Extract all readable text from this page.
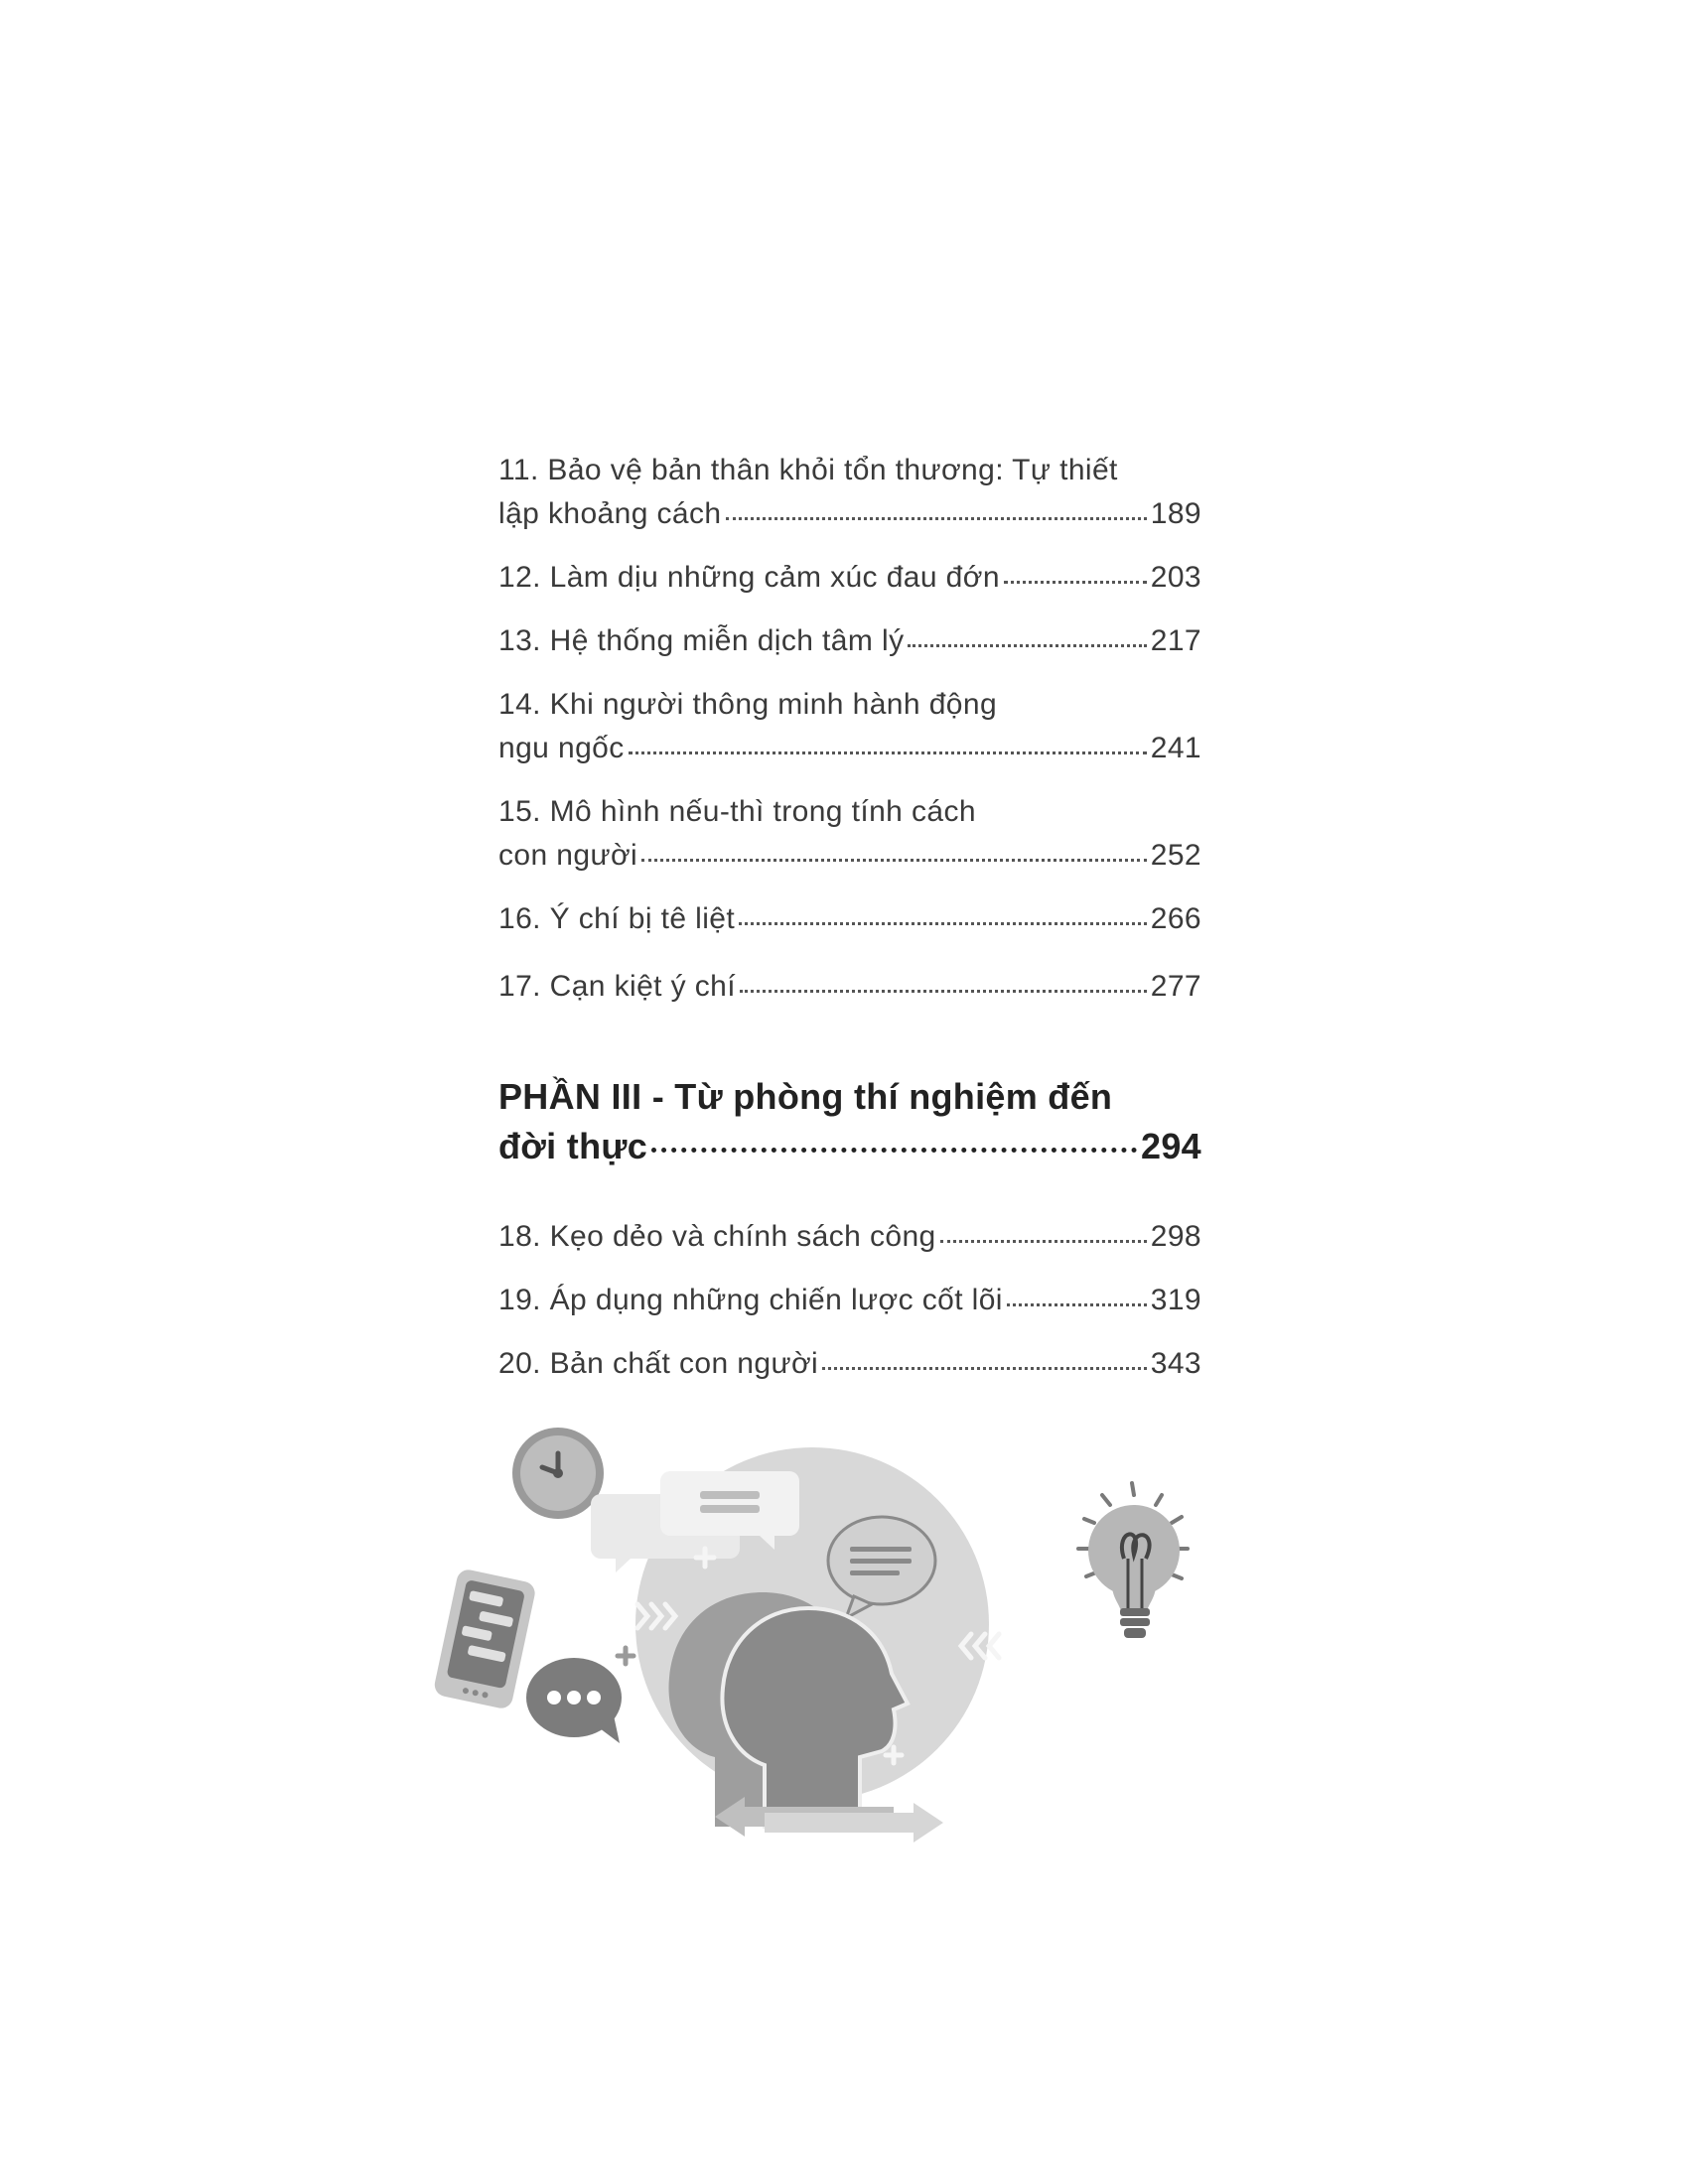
11. Bảo vệ bản thân khỏi tổn thương: Tự thiết
lập khoảng cách	189
12. Làm dịu những cảm xúc đau đớn	203
13. Hệ thống miễn dịch tâm lý	217
14. Khi người thông minh hành động
ngu ngốc	241
15. Mô hình nếu-thì trong tính cách
con người	252
16. Ý chí bị tê liệt	266
17. Cạn kiệt ý chí	277
PHẦN III - Từ phòng thí nghiệm đến
đời thực	294
18. Kẹo dẻo và chính sách công	298
19. Áp dụng những chiến lược cốt lõi	319
20. Bản chất con người	343
